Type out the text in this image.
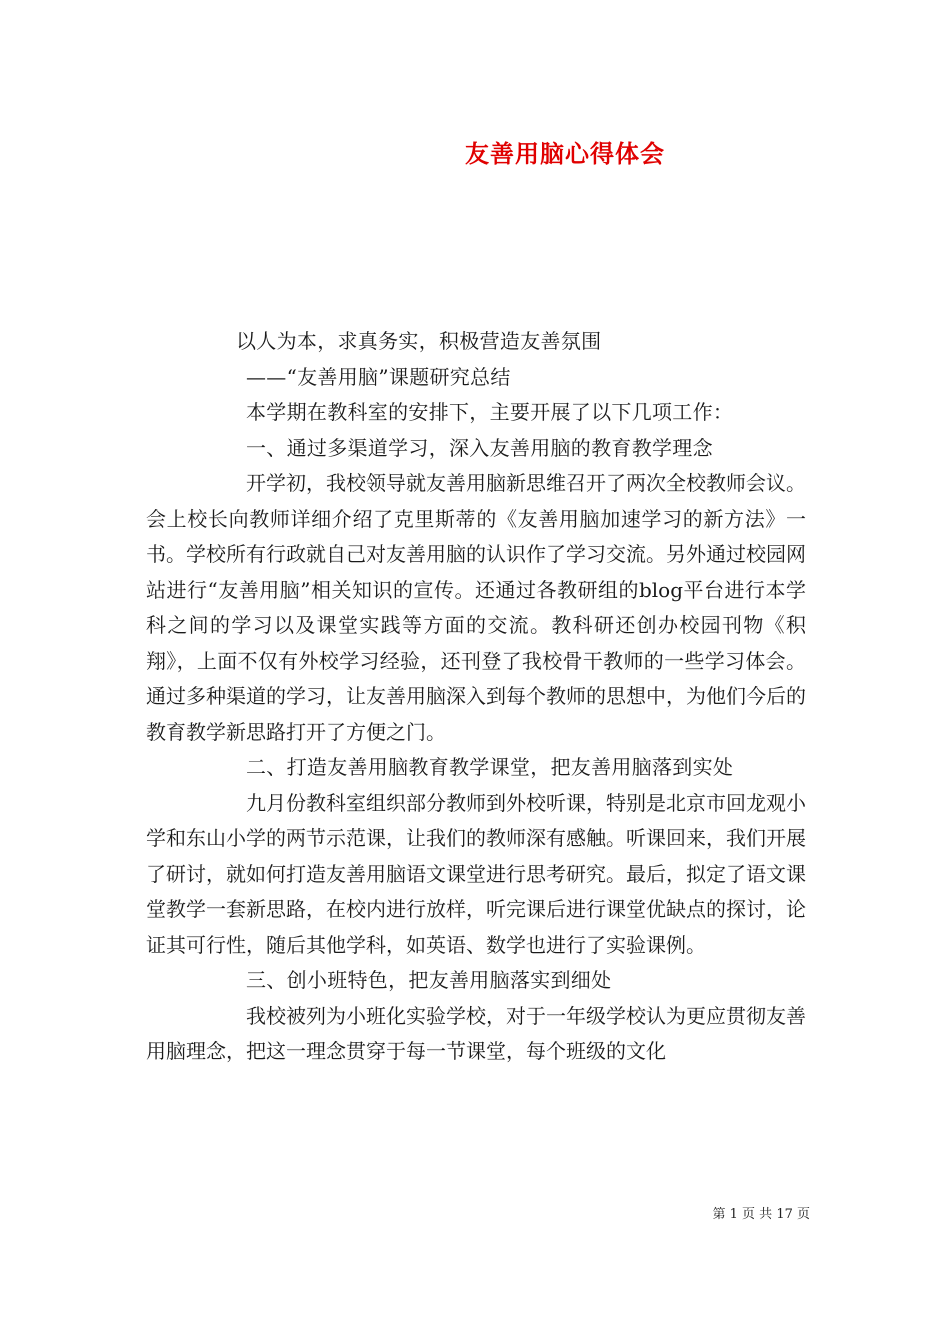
友善用脑心得体会
以人为本，求真务实，积极营造友善氛围
——“友善用脑”课题研究总结
本学期在教科室的安排下，主要开展了以下几项工作：
一、通过多渠道学习，深入友善用脑的教育教学理念

开学初，我校领导就友善用脑新思维召开了两次全校教师会议。会上校长向教师详细介绍了克里斯蒂的《友善用脑加速学习的新方法》一书。学校所有行政就自己对友善用脑的认识作了学习交流。另外通过校园网站进行“友善用脑”相关知识的宣传。还通过各教研组的blog平台进行本学科之间的学习以及课堂实践等方面的交流。教科研还创办校园刊物《积翔》，上面不仅有外校学习经验，还刊登了我校骨干教师的一些学习体会。通过多种渠道的学习，让友善用脑深入到每个教师的思想中，为他们今后的教育教学新思路打开了方便之门。

二、打造友善用脑教育教学课堂，把友善用脑落到实处

九月份教科室组织部分教师到外校听课，特别是北京市回龙观小学和东山小学的两节示范课，让我们的教师深有感触。听课回来，我们开展了研讨，就如何打造友善用脑语文课堂进行思考研究。最后，拟定了语文课堂教学一套新思路，在校内进行放样，听完课后进行课堂优缺点的探讨，论证其可行性，随后其他学科，如英语、数学也进行了实验课例。

三、创小班特色，把友善用脑落实到细处

我校被列为小班化实验学校，对于一年级学校认为更应贯彻友善用脑理念，把这一理念贯穿于每一节课堂，每个班级的文化

第 1 页 共 17 页
